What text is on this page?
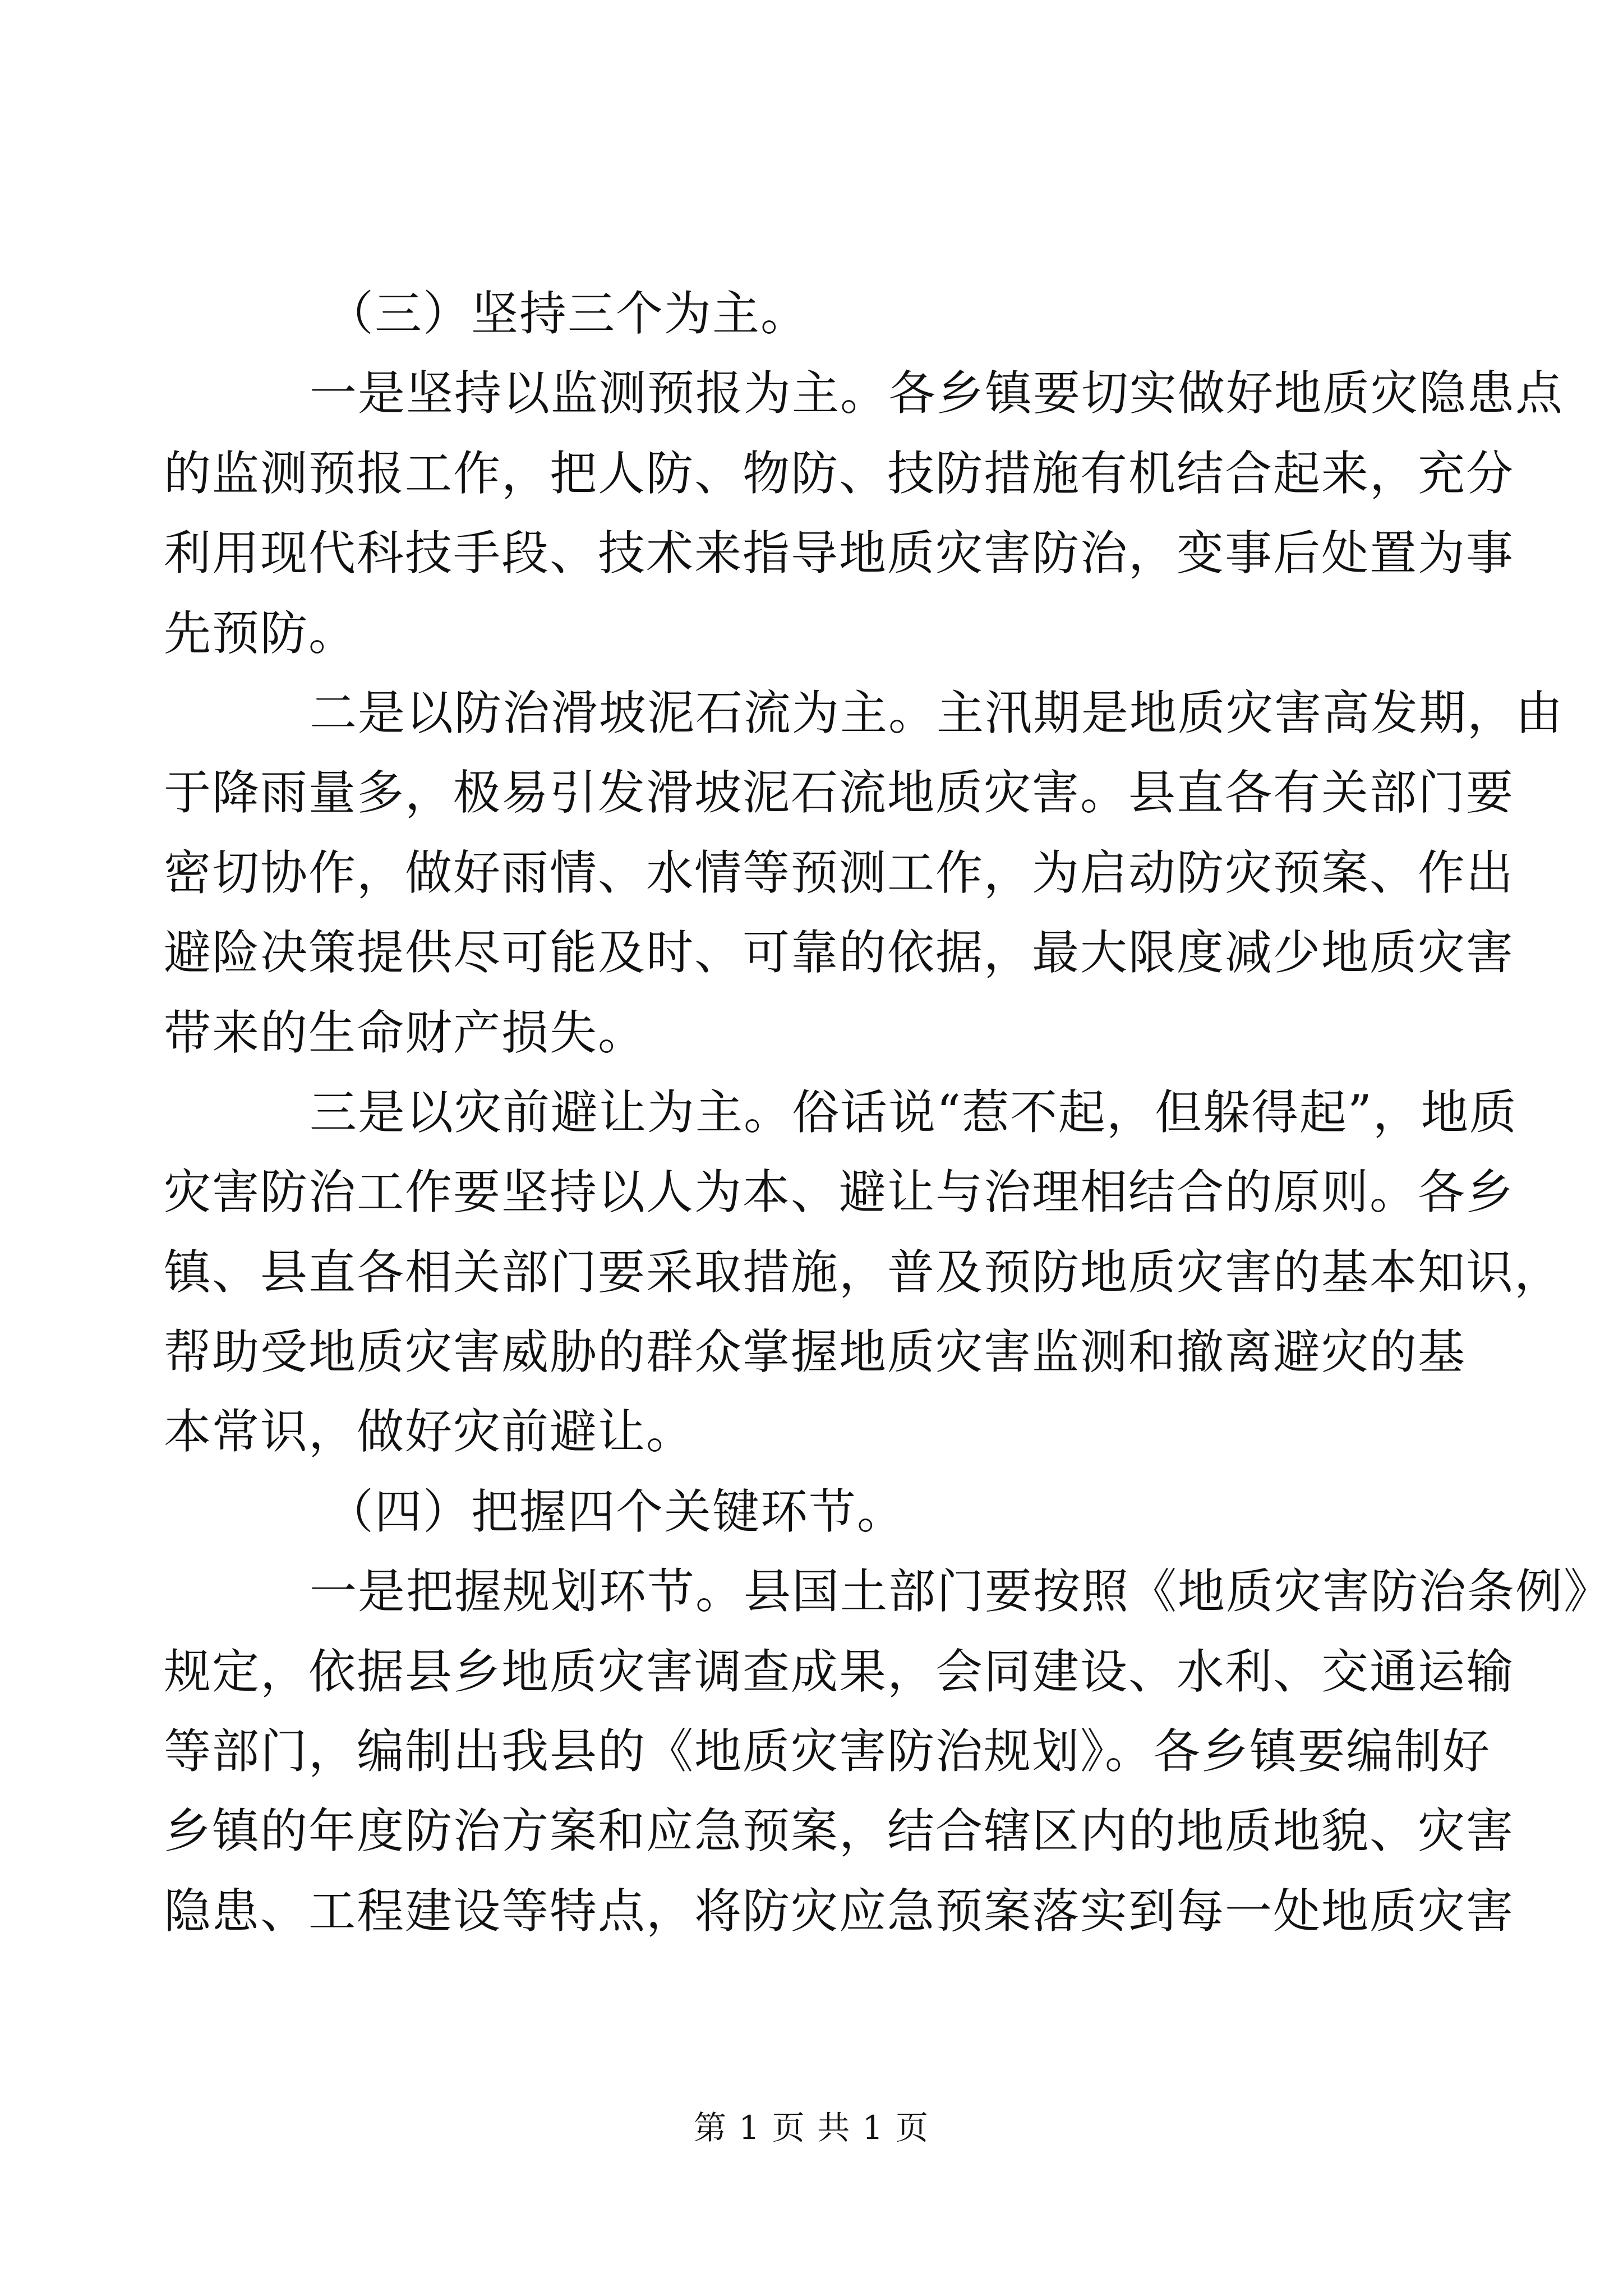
（三）坚持三个为主。
一是坚持以监测预报为主。各乡镇要切实做好地质灾隐患点
的监测预报工作，把人防、物防、技防措施有机结合起来，充分
利用现代科技手段、技术来指导地质灾害防治，变事后处置为事
先预防。
二是以防治滑坡泥石流为主。主汛期是地质灾害高发期，由
于降雨量多，极易引发滑坡泥石流地质灾害。县直各有关部门要
密切协作，做好雨情、水情等预测工作，为启动防灾预案、作出
避险决策提供尽可能及时、可靠的依据，最大限度减少地质灾害
带来的生命财产损失。
三是以灾前避让为主。俗话说“惹不起，但躲得起”，地质
灾害防治工作要坚持以人为本、避让与治理相结合的原则。各乡
镇、县直各相关部门要采取措施，普及预防地质灾害的基本知识，
帮助受地质灾害威胁的群众掌握地质灾害监测和撤离避灾的基
本常识，做好灾前避让。
（四）把握四个关键环节。
一是把握规划环节。县国土部门要按照《地质灾害防治条例》
规定，依据县乡地质灾害调查成果，会同建设、水利、交通运输
等部门，编制出我县的《地质灾害防治规划》。各乡镇要编制好
乡镇的年度防治方案和应急预案，结合辖区内的地质地貌、灾害
隐患、工程建设等特点，将防灾应急预案落实到每一处地质灾害
第 1 页 共 1 页
